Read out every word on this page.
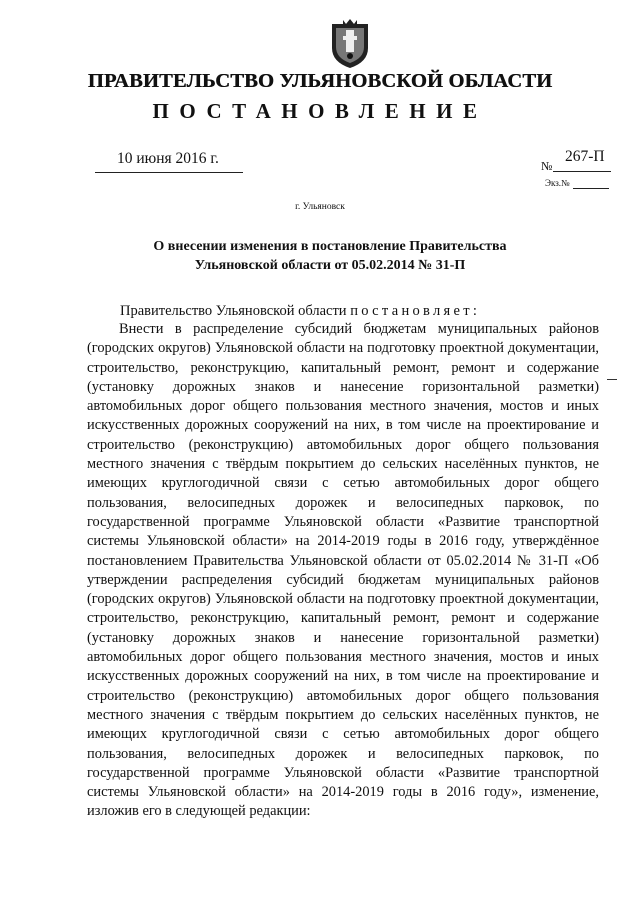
ПРАВИТЕЛЬСТВО УЛЬЯНОВСКОЙ ОБЛАСТИ
ПОСТАНОВЛЕНИЕ
10 июня 2016 г.	№
267-П
Экз.№
г. Ульяновск
О внесении изменения в постановление Правительства
Ульяновской области от 05.02.2014 № 31-П
Правительство Ульяновской области постановляет:

Внести в распределение субсидий бюджетам муниципальных районов (городских округов) Ульяновской области на подготовку проектной документации, строительство, реконструкцию, капитальный ремонт, ремонт и содержание (установку дорожных знаков и нанесение горизонтальной разметки) автомобильных дорог общего пользования местного значения, мостов и иных искусственных дорожных сооружений на них, в том числе на проектирование и строительство (реконструкцию) автомобильных дорог общего пользования местного значения с твёрдым покрытием до сельских населённых пунктов, не имеющих круглогодичной связи с сетью автомобильных дорог общего пользования, велосипедных дорожек и велосипедных парковок, по государственной программе Ульяновской области «Развитие транспортной системы Ульяновской области» на 2014-2019 годы в 2016 году, утверждённое постановлением Правительства Ульяновской области от 05.02.2014 № 31-П «Об утверждении распределения субсидий бюджетам муниципальных районов (городских округов) Ульяновской области на подготовку проектной документации, строительство, реконструкцию, капитальный ремонт, ремонт и содержание (установку дорожных знаков и нанесение горизонтальной разметки) автомобильных дорог общего пользования местного значения, мостов и иных искусственных дорожных сооружений на них, в том числе на проектирование и строительство (реконструкцию) автомобильных дорог общего пользования местного значения с твёрдым покрытием до сельских населённых пунктов, не имеющих круглогодичной связи с сетью автомобильных дорог общего пользования, велосипедных дорожек и велосипедных парковок, по государственной программе Ульяновской области «Развитие транспортной системы Ульяновской области» на 2014-2019 годы в 2016 году», изменение, изложив его в следующей редакции:
